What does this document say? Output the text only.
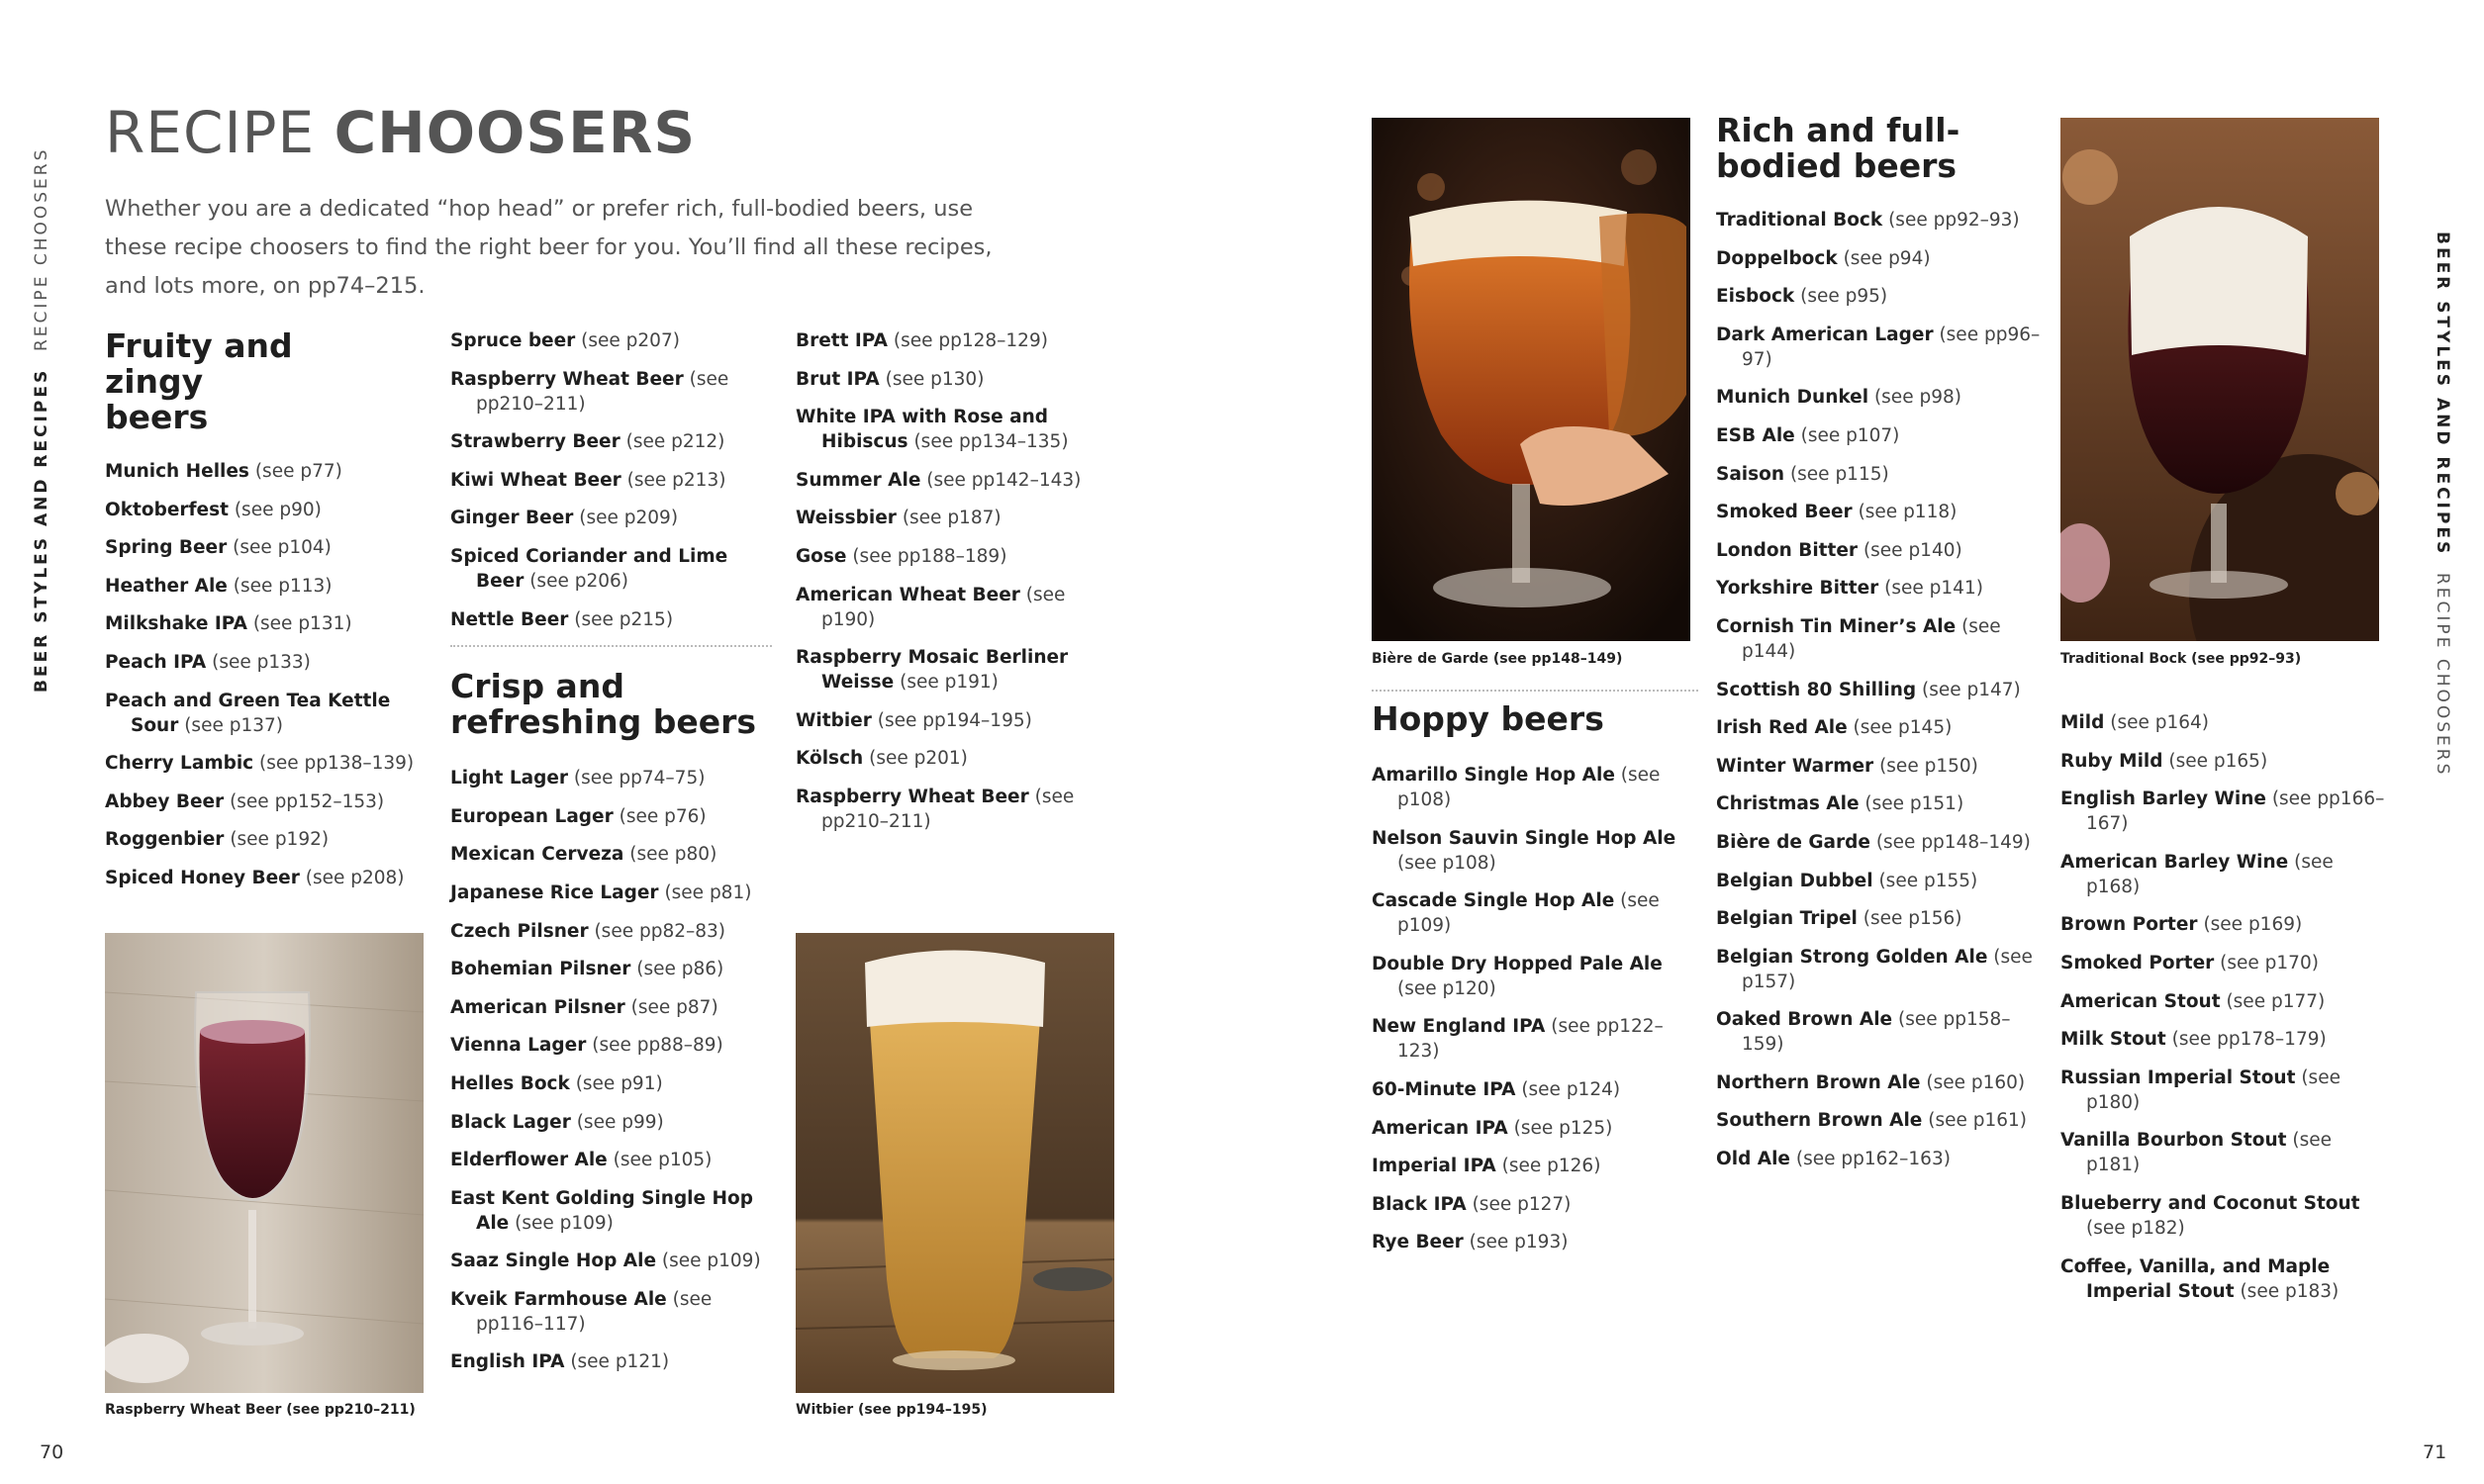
RECIPE CHOOSERS
Whether you are a dedicated “hop head” or prefer rich, full-bodied beers, use these recipe choosers to find the right beer for you. You’ll find all these recipes, and lots more, on pp74–215.
BEER STYLES AND RECIPES  RECIPE CHOOSERS	BEER STYLES AND RECIPES  RECIPE CHOOSERS
Fruity and zingy beers
Munich Helles (see p77)
Oktoberfest (see p90)
Spring Beer (see p104)
Heather Ale (see p113)
Milkshake IPA (see p131)
Peach IPA (see p133)
Peach and Green Tea Kettle Sour (see p137)
Cherry Lambic (see pp138–139)
Abbey Beer (see pp152–153)
Roggenbier (see p192)
Spiced Honey Beer (see p208)
Spruce beer (see p207)
Raspberry Wheat Beer (see pp210–211)
Strawberry Beer (see p212)
Kiwi Wheat Beer (see p213)
Ginger Beer (see p209)
Spiced Coriander and Lime Beer (see p206)
Nettle Beer (see p215)
Crisp and refreshing beers
Light Lager (see pp74–75)
European Lager (see p76)
Mexican Cerveza (see p80)
Japanese Rice Lager (see p81)
Czech Pilsner (see pp82–83)
Bohemian Pilsner (see p86)
American Pilsner (see p87)
Vienna Lager (see pp88–89)
Helles Bock (see p91)
Black Lager (see p99)
Elderflower Ale (see p105)
East Kent Golding Single Hop Ale (see p109)
Saaz Single Hop Ale (see p109)
Kveik Farmhouse Ale (see pp116–117)
English IPA (see p121)
Brett IPA (see pp128–129)
Brut IPA (see p130)
White IPA with Rose and Hibiscus (see pp134–135)
Summer Ale (see pp142–143)
Weissbier (see p187)
Gose (see pp188–189)
American Wheat Beer (see p190)
Raspberry Mosaic Berliner Weisse (see p191)
Witbier (see pp194–195)
Kölsch (see p201)
Raspberry Wheat Beer (see pp210–211)
Raspberry Wheat Beer (see pp210–211)	Witbier (see pp194–195)
Bière de Garde (see pp148–149)	Traditional Bock (see pp92–93)
Hoppy beers
Amarillo Single Hop Ale (see p108)
Nelson Sauvin Single Hop Ale (see p108)
Cascade Single Hop Ale (see p109)
Double Dry Hopped Pale Ale (see p120)
New England IPA (see pp122–123)
60-Minute IPA (see p124)
American IPA (see p125)
Imperial IPA (see p126)
Black IPA (see p127)
Rye Beer (see p193)
Rich and full-bodied beers
Traditional Bock (see pp92–93)
Doppelbock (see p94)
Eisbock (see p95)
Dark American Lager (see pp96–97)
Munich Dunkel (see p98)
ESB Ale (see p107)
Saison (see p115)
Smoked Beer (see p118)
London Bitter (see p140)
Yorkshire Bitter (see p141)
Cornish Tin Miner’s Ale (see p144)
Scottish 80 Shilling (see p147)
Irish Red Ale (see p145)
Winter Warmer (see p150)
Christmas Ale (see p151)
Bière de Garde (see pp148–149)
Belgian Dubbel (see p155)
Belgian Tripel (see p156)
Belgian Strong Golden Ale (see p157)
Oaked Brown Ale (see pp158–159)
Northern Brown Ale (see p160)
Southern Brown Ale (see p161)
Old Ale (see pp162–163)
Mild (see p164)
Ruby Mild (see p165)
English Barley Wine (see pp166–167)
American Barley Wine (see p168)
Brown Porter (see p169)
Smoked Porter (see p170)
American Stout (see p177)
Milk Stout (see pp178–179)
Russian Imperial Stout (see p180)
Vanilla Bourbon Stout (see p181)
Blueberry and Coconut Stout (see p182)
Coffee, Vanilla, and Maple Imperial Stout (see p183)
70	71
